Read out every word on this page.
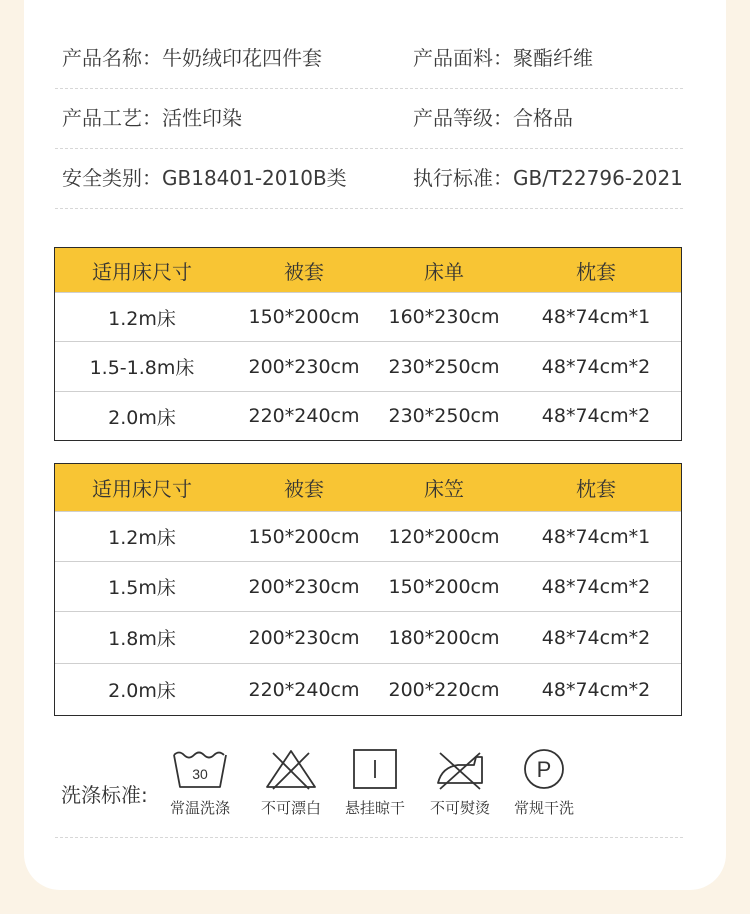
产品名称：牛奶绒印花四件套	产品面料：聚酯纤维
产品工艺：活性印染	产品等级：合格品
安全类别：GB18401-2010B类	执行标准：GB/T22796-2021
适用床尺寸	被套	床单	枕套
1.2m床	150*200cm	160*230cm	48*74cm*1
1.5-1.8m床	200*230cm	230*250cm	48*74cm*2
2.0m床	220*240cm	230*250cm	48*74cm*2
适用床尺寸	被套	床笠	枕套
1.2m床	150*200cm	120*200cm	48*74cm*1
1.5m床	200*230cm	150*200cm	48*74cm*2
1.8m床	200*230cm	180*200cm	48*74cm*2
2.0m床	220*240cm	200*220cm	48*74cm*2
洗涤标准:
30
常温洗涤	不可漂白	悬挂晾干	不可熨烫
P
常规干洗
